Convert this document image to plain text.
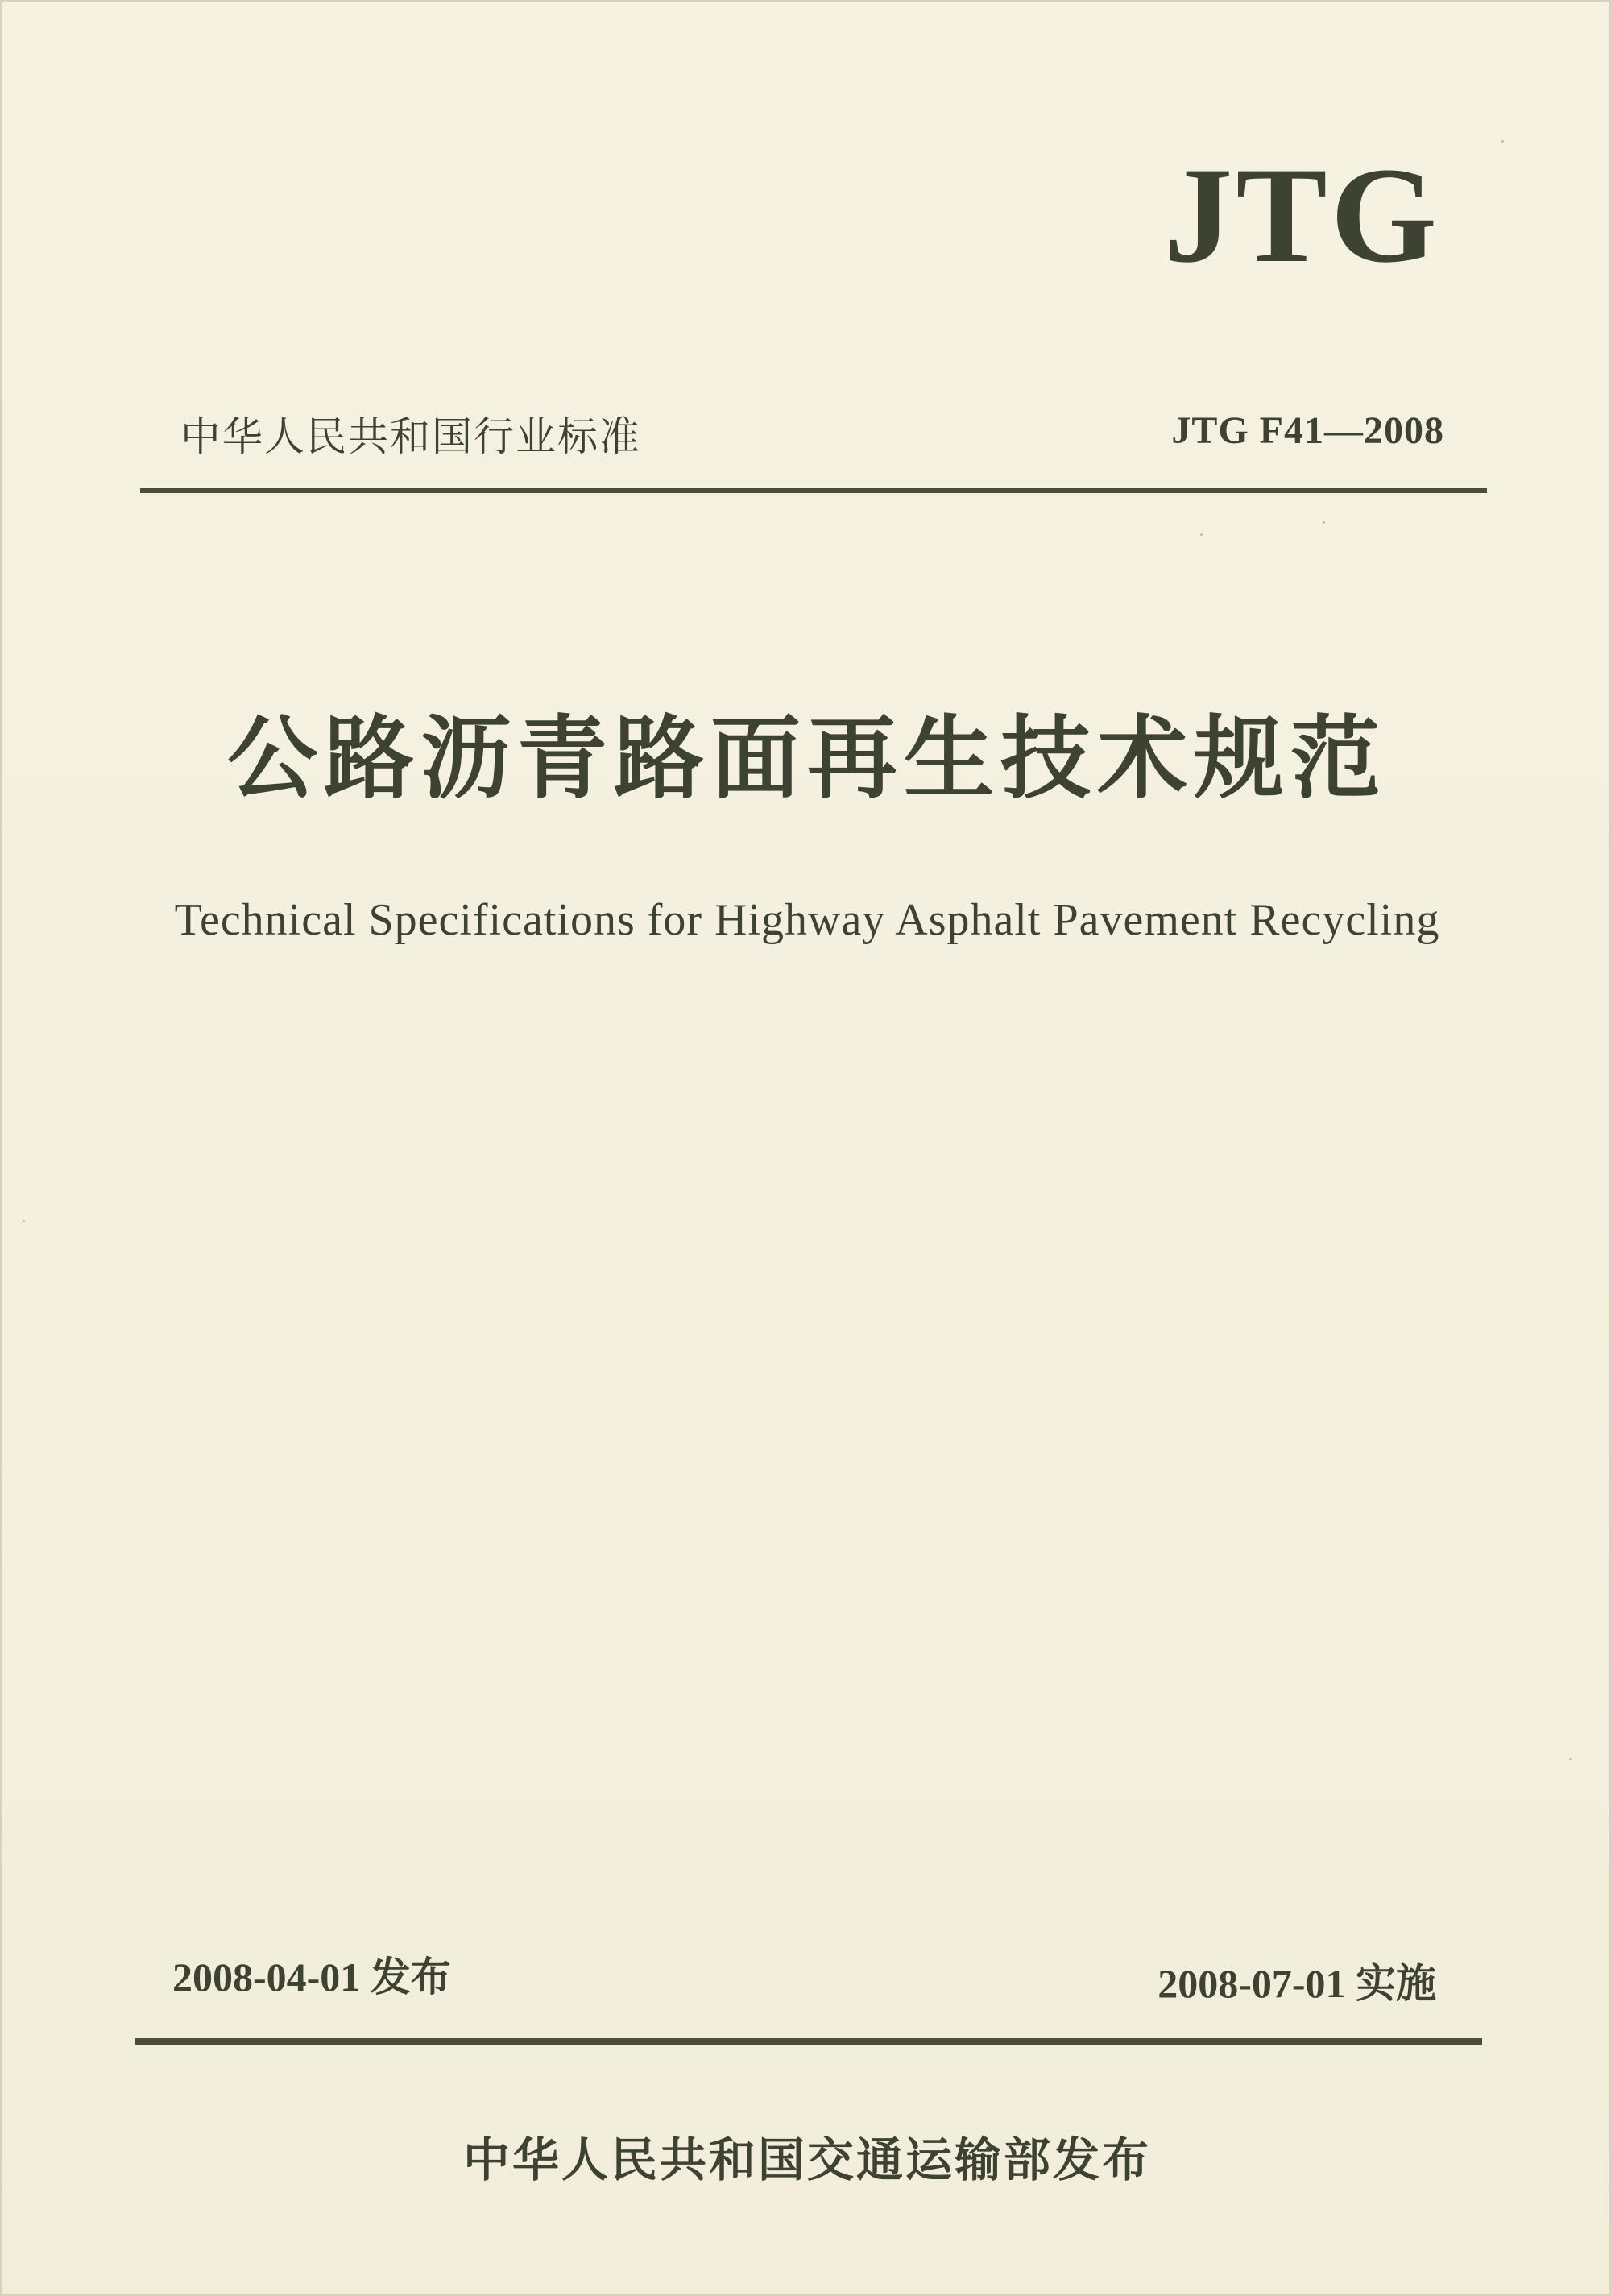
JTG
中华人民共和国行业标准	JTG F41—2008
公路沥青路面再生技术规范
Technical Specifications for Highway Asphalt Pavement Recycling
2008-04-01 发布	2008-07-01 实施
中华人民共和国交通运输部发布
